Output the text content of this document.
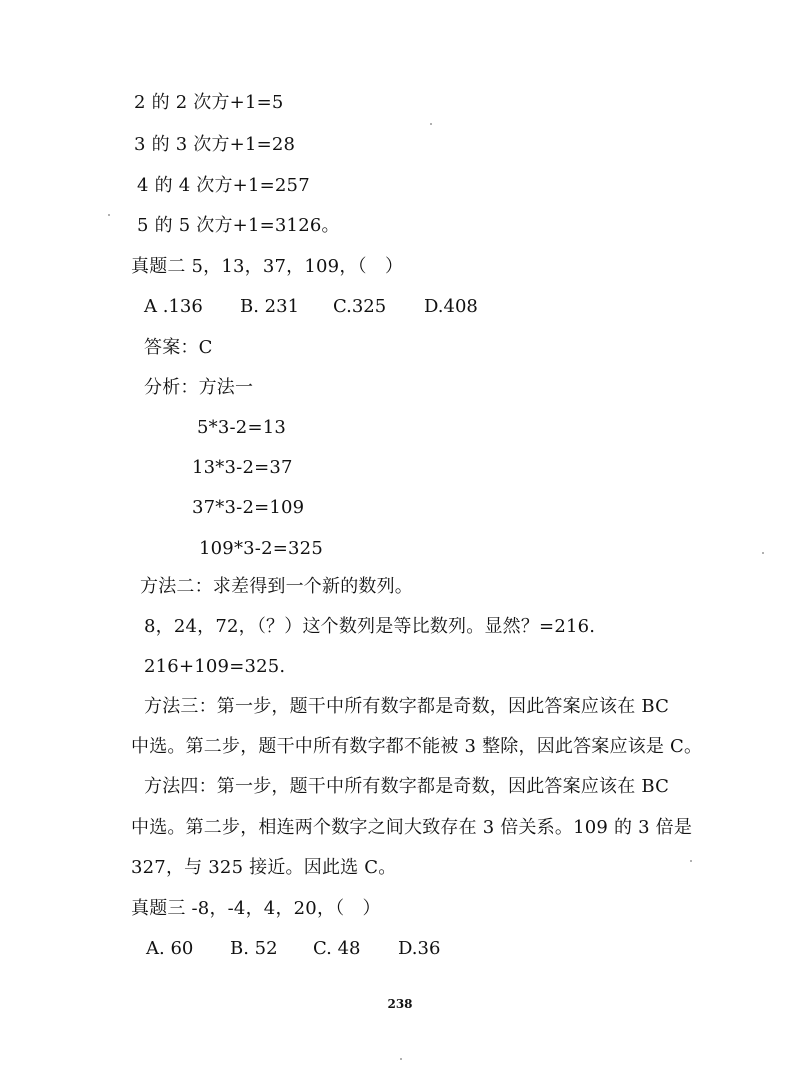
2 的 2 次方+1=5
3 的 3 次方+1=28
4 的 4 次方+1=257
5 的 5 次方+1=3126。
真题二 5，13，37，109，（　）
A .136 B. 231 C.325 D.408
答案：C
分析：方法一
5*3-2=13
13*3-2=37
37*3-2=109
109*3-2=325
方法二：求差得到一个新的数列。
8，24，72，（？）这个数列是等比数列。显然？=216.
216+109=325.
方法三：第一步，题干中所有数字都是奇数，因此答案应该在 BC
中选。第二步，题干中所有数字都不能被 3 整除，因此答案应该是 C。
方法四：第一步，题干中所有数字都是奇数，因此答案应该在 BC
中选。第二步，相连两个数字之间大致存在 3 倍关系。109 的 3 倍是
327，与 325 接近。因此选 C。
真题三 -8，-4，4，20，（　）
A. 60 B. 52 C. 48 D.36
238
